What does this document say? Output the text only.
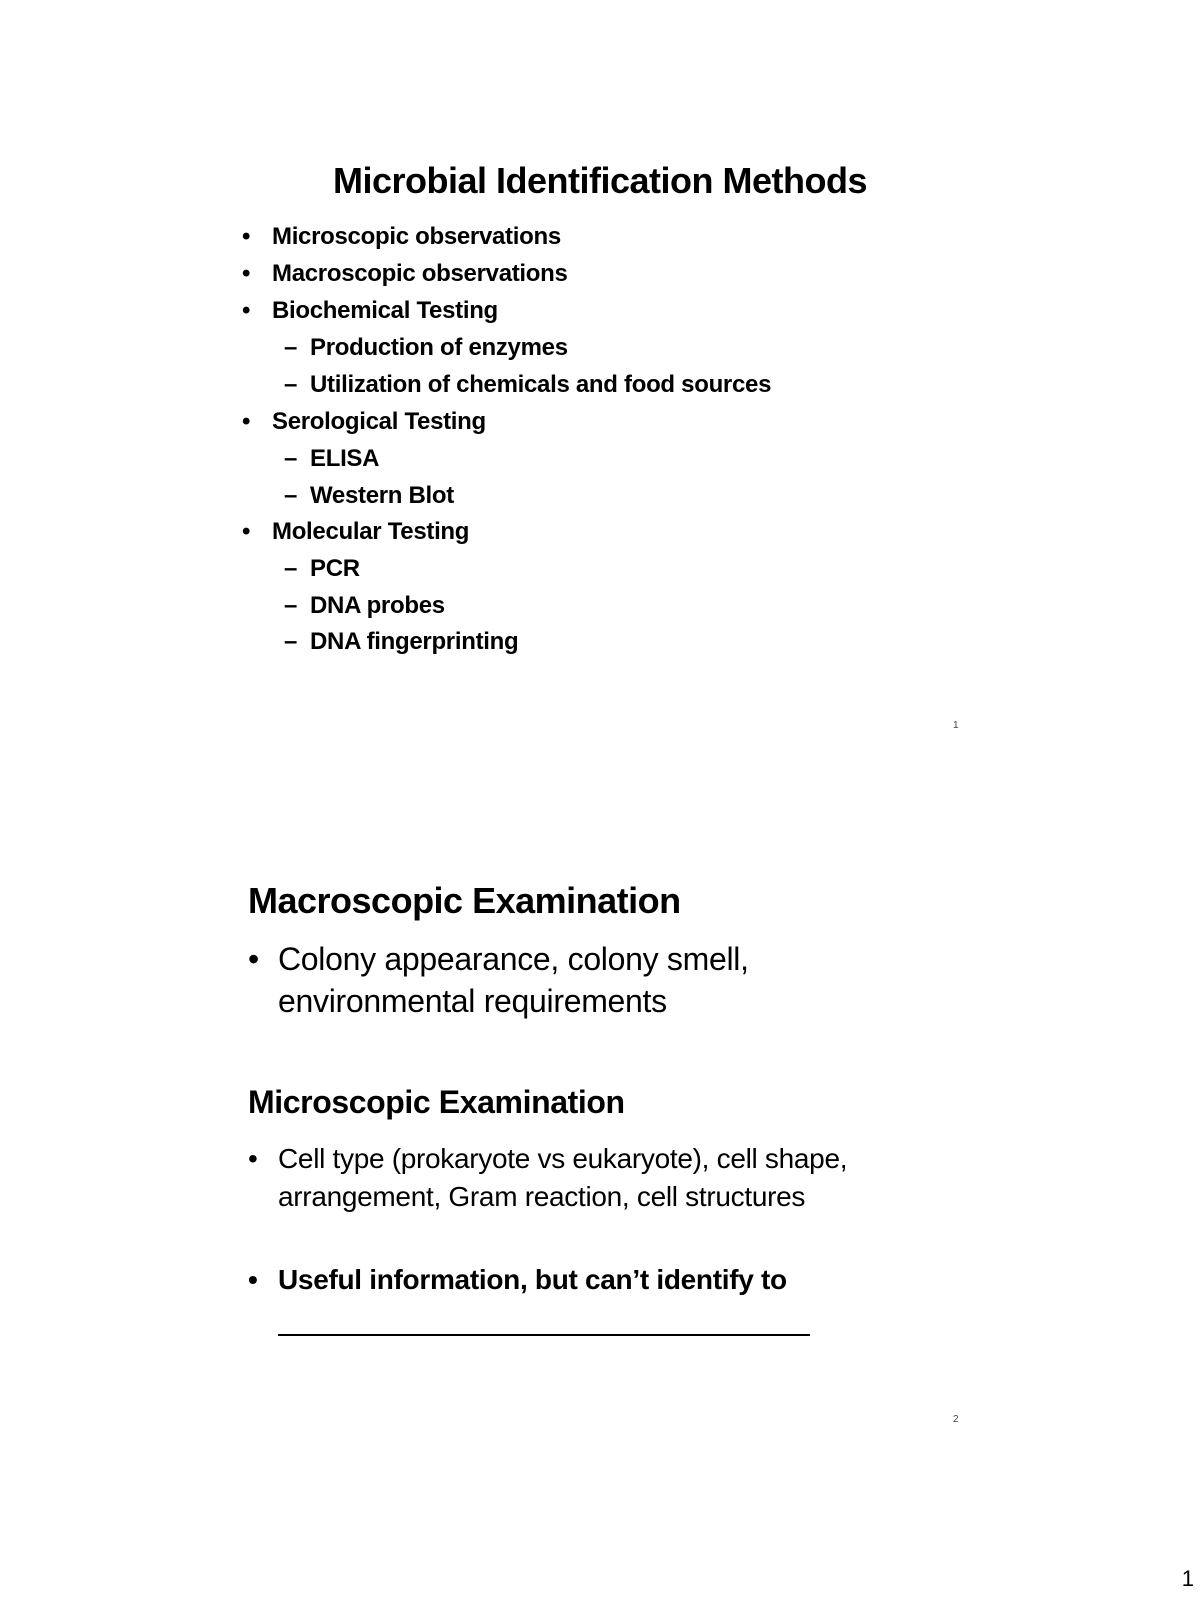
Microbial Identification Methods
• Microscopic observations
• Macroscopic observations
• Biochemical Testing
– Production of enzymes
– Utilization of chemicals and food sources
• Serological Testing
– ELISA
– Western Blot
• Molecular Testing
– PCR
– DNA probes
– DNA fingerprinting
1
Macroscopic Examination
• Colony appearance, colony smell,
environmental requirements
Microscopic Examination
• Cell type (prokaryote vs eukaryote), cell shape,
arrangement, Gram reaction, cell structures
• Useful information, but can’t identify to
2
1
